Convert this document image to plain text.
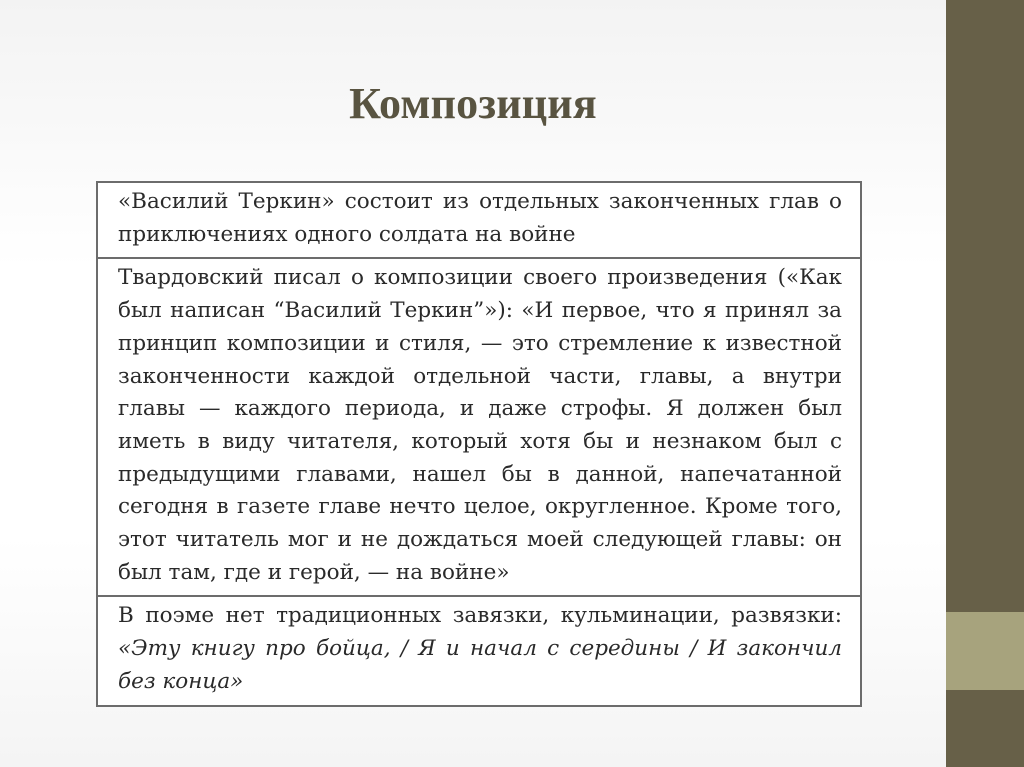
Композиция
«Василий Теркин» состоит из отдельных законченных глав о приключениях одного солдата на войне
Твардовский писал о композиции своего произведения («Как был написан “Василий Теркин”»): «И первое, что я принял за принцип композиции и стиля, — это стремление к известной законченности каждой отдельной части, главы, а внутри главы — каждого периода, и даже строфы. Я должен был иметь в виду читателя, который хотя бы и незнаком был с предыдущими главами, нашел бы в данной, напечатанной сегодня в газете главе нечто целое, округленное. Кроме того, этот читатель мог и не дождаться моей следующей главы: он был там, где и герой, — на войне»
В поэме нет традиционных завязки, кульминации, развязки: «Эту книгу про бойца, / Я и начал с середины / И закончил без конца»
